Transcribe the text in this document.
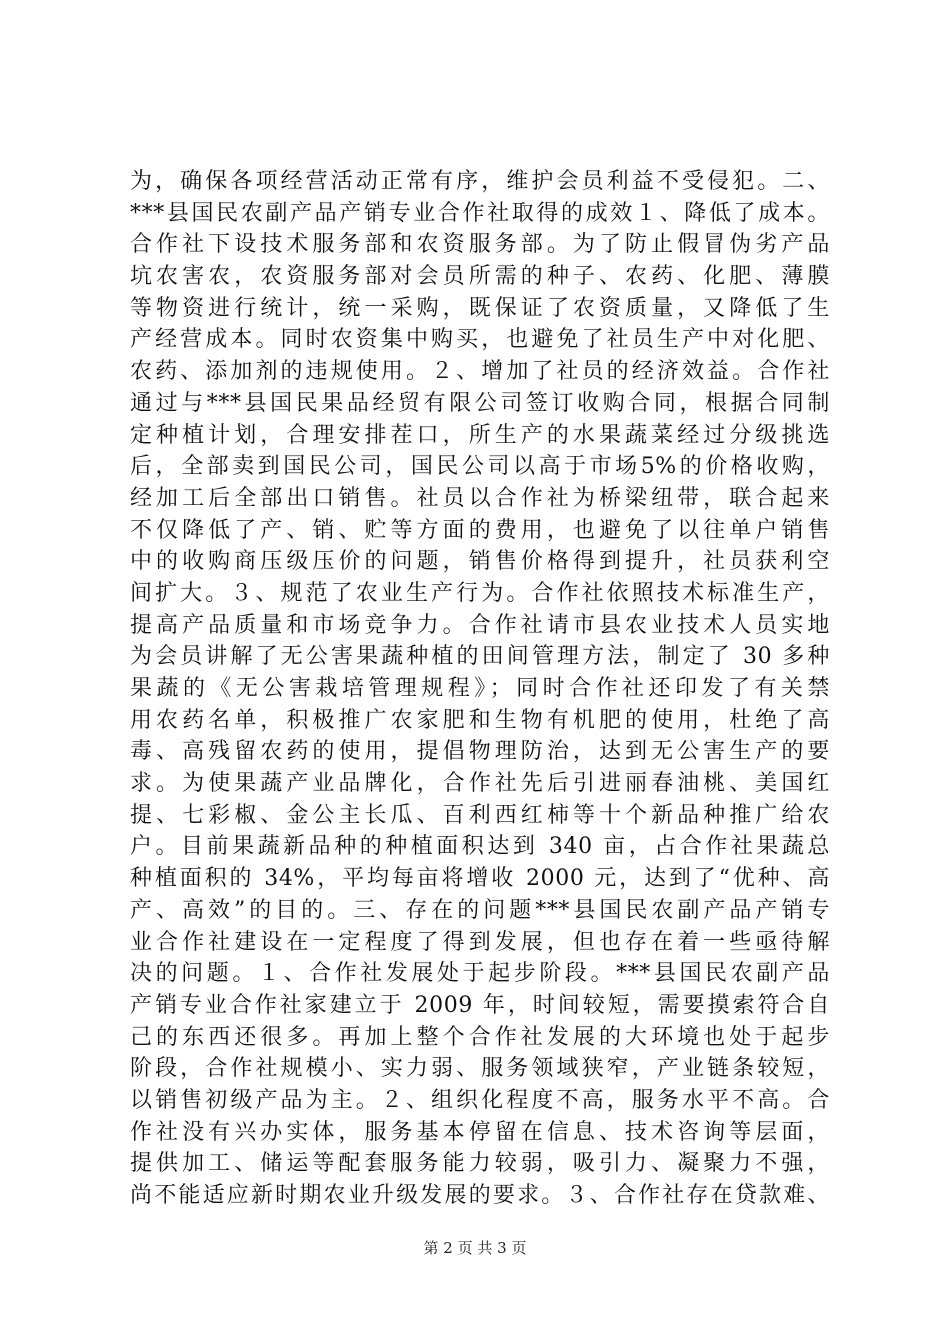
为，确保各项经营活动正常有序，维护会员利益不受侵犯。二、
***县国民农副产品产销专业合作社取得的成效１、降低了成本。
合作社下设技术服务部和农资服务部。为了防止假冒伪劣产品
坑农害农，农资服务部对会员所需的种子、农药、化肥、薄膜
等物资进行统计，统一采购，既保证了农资质量，又降低了生
产经营成本。同时农资集中购买，也避免了社员生产中对化肥、
农药、添加剂的违规使用。２、增加了社员的经济效益。合作社
通过与***县国民果品经贸有限公司签订收购合同，根据合同制
定种植计划，合理安排茬口，所生产的水果蔬菜经过分级挑选
后，全部卖到国民公司，国民公司以高于市场5%的价格收购，
经加工后全部出口销售。社员以合作社为桥梁纽带，联合起来
不仅降低了产、销、贮等方面的费用，也避免了以往单户销售
中的收购商压级压价的问题，销售价格得到提升，社员获利空
间扩大。３、规范了农业生产行为。合作社依照技术标准生产，
提高产品质量和市场竞争力。合作社请市县农业技术人员实地
为会员讲解了无公害果蔬种植的田间管理方法，制定了 30 多种
果蔬的《无公害栽培管理规程》；同时合作社还印发了有关禁
用农药名单，积极推广农家肥和生物有机肥的使用，杜绝了高
毒、高残留农药的使用，提倡物理防治，达到无公害生产的要
求。为使果蔬产业品牌化，合作社先后引进丽春油桃、美国红
提、七彩椒、金公主长瓜、百利西红柿等十个新品种推广给农
户。目前果蔬新品种的种植面积达到 340 亩，占合作社果蔬总
种植面积的 34%，平均每亩将增收 2000 元，达到了“优种、高
产、高效”的目的。三、存在的问题***县国民农副产品产销专
业合作社建设在一定程度了得到发展，但也存在着一些亟待解
决的问题。１、合作社发展处于起步阶段。***县国民农副产品
产销专业合作社家建立于 2009 年，时间较短，需要摸索符合自
己的东西还很多。再加上整个合作社发展的大环境也处于起步
阶段，合作社规模小、实力弱、服务领域狭窄，产业链条较短，
以销售初级产品为主。２、组织化程度不高，服务水平不高。合
作社没有兴办实体，服务基本停留在信息、技术咨询等层面，
提供加工、储运等配套服务能力较弱，吸引力、凝聚力不强，
尚不能适应新时期农业升级发展的要求。３、合作社存在贷款难、
第 2 页 共 3 页
